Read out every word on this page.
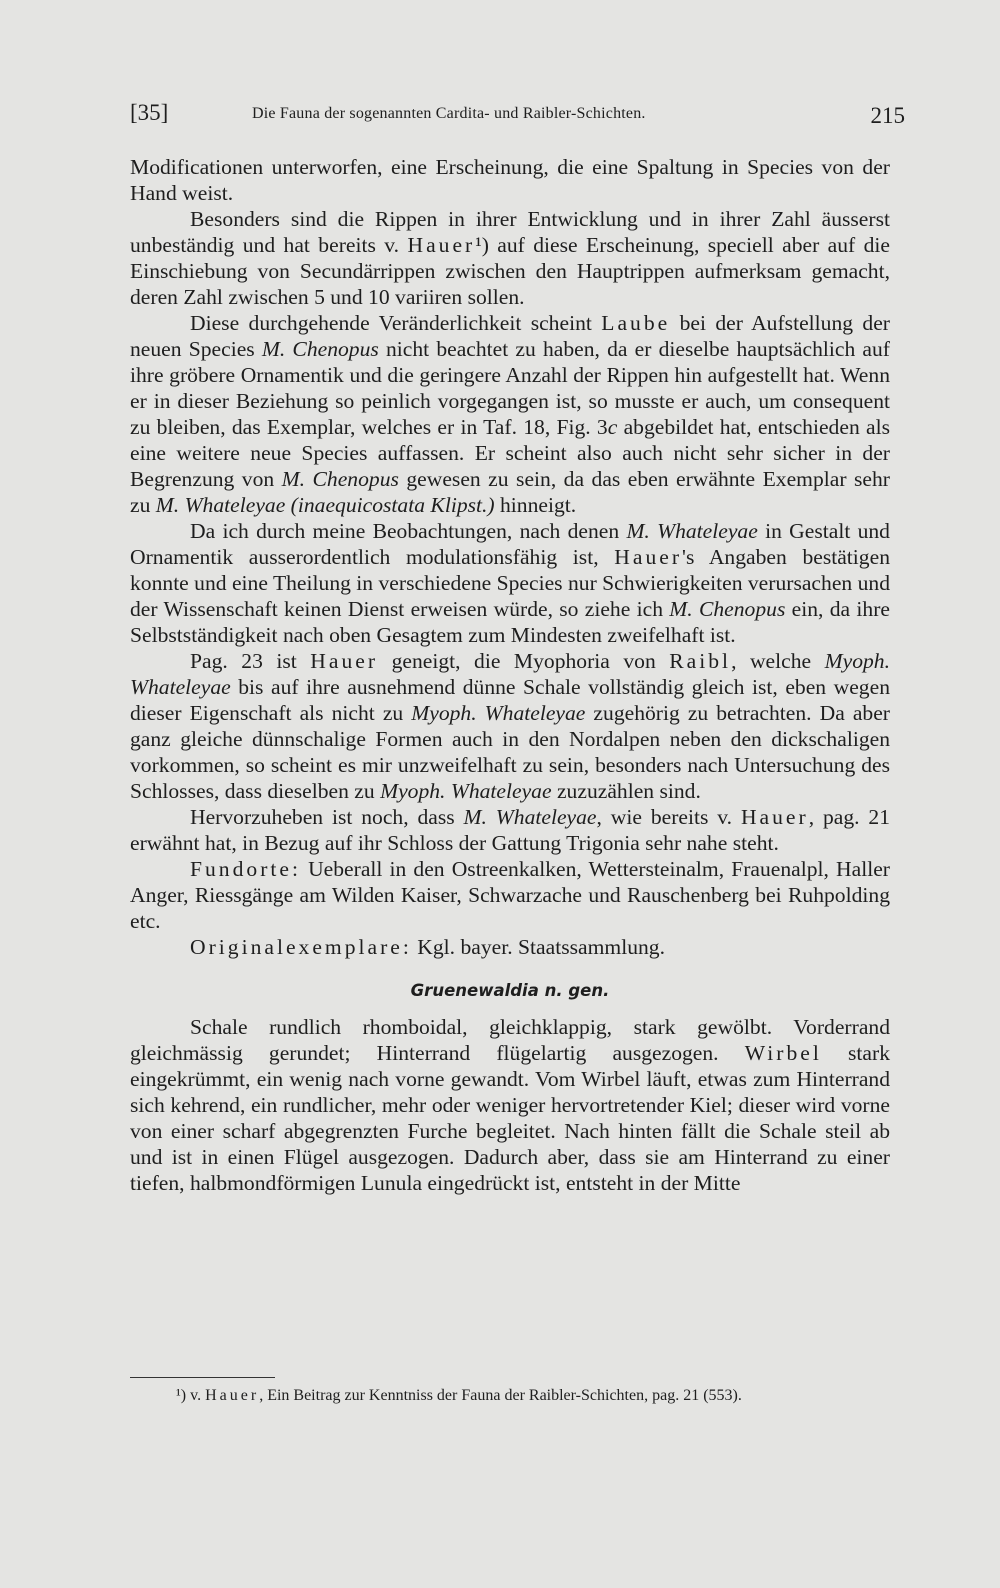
[35]	Die Fauna der sogenannten Cardita- und Raibler-Schichten.	215

Modificationen unterworfen, eine Erscheinung, die eine Spaltung in Species von der Hand weist.

Besonders sind die Rippen in ihrer Entwicklung und in ihrer Zahl äusserst unbeständig und hat bereits v. Hauer¹) auf diese Erscheinung, speciell aber auf die Einschiebung von Secundärrippen zwischen den Hauptrippen aufmerksam gemacht, deren Zahl zwischen 5 und 10 variiren sollen.

Diese durchgehende Veränderlichkeit scheint Laube bei der Aufstellung der neuen Species M. Chenopus nicht beachtet zu haben, da er dieselbe hauptsächlich auf ihre gröbere Ornamentik und die geringere Anzahl der Rippen hin aufgestellt hat. Wenn er in dieser Beziehung so peinlich vorgegangen ist, so musste er auch, um consequent zu bleiben, das Exemplar, welches er in Taf. 18, Fig. 3c abgebildet hat, entschieden als eine weitere neue Species auffassen. Er scheint also auch nicht sehr sicher in der Begrenzung von M. Chenopus gewesen zu sein, da das eben erwähnte Exemplar sehr zu M. Whateleyae (inaequicostata Klipst.) hinneigt.

Da ich durch meine Beobachtungen, nach denen M. Whateleyae in Gestalt und Ornamentik ausserordentlich modulationsfähig ist, Hauer's Angaben bestätigen konnte und eine Theilung in verschiedene Species nur Schwierigkeiten verursachen und der Wissenschaft keinen Dienst erweisen würde, so ziehe ich M. Chenopus ein, da ihre Selbstständigkeit nach oben Gesagtem zum Mindesten zweifelhaft ist.

Pag. 23 ist Hauer geneigt, die Myophoria von Raibl, welche Myoph. Whateleyae bis auf ihre ausnehmend dünne Schale vollständig gleich ist, eben wegen dieser Eigenschaft als nicht zu Myoph. Whateleyae zugehörig zu betrachten. Da aber ganz gleiche dünnschalige Formen auch in den Nordalpen neben den dickschaligen vorkommen, so scheint es mir unzweifelhaft zu sein, besonders nach Untersuchung des Schlosses, dass dieselben zu Myoph. Whateleyae zuzuzählen sind.

Hervorzuheben ist noch, dass M. Whateleyae, wie bereits v. Hauer, pag. 21 erwähnt hat, in Bezug auf ihr Schloss der Gattung Trigonia sehr nahe steht.

Fundorte: Ueberall in den Ostreenkalken, Wettersteinalm, Frauenalpl, Haller Anger, Riessgänge am Wilden Kaiser, Schwarzache und Rauschenberg bei Ruhpolding etc.

Originalexemplare: Kgl. bayer. Staatssammlung.

Gruenewaldia n. gen.

Schale rundlich rhomboidal, gleichklappig, stark gewölbt. Vorderrand gleichmässig gerundet; Hinterrand flügelartig ausgezogen. Wirbel stark eingekrümmt, ein wenig nach vorne gewandt. Vom Wirbel läuft, etwas zum Hinterrand sich kehrend, ein rundlicher, mehr oder weniger hervortretender Kiel; dieser wird vorne von einer scharf abgegrenzten Furche begleitet. Nach hinten fällt die Schale steil ab und ist in einen Flügel ausgezogen. Dadurch aber, dass sie am Hinterrand zu einer tiefen, halbmondförmigen Lunula eingedrückt ist, entsteht in der Mitte

¹) v. Hauer, Ein Beitrag zur Kenntniss der Fauna der Raibler-Schichten, pag. 21 (553).
